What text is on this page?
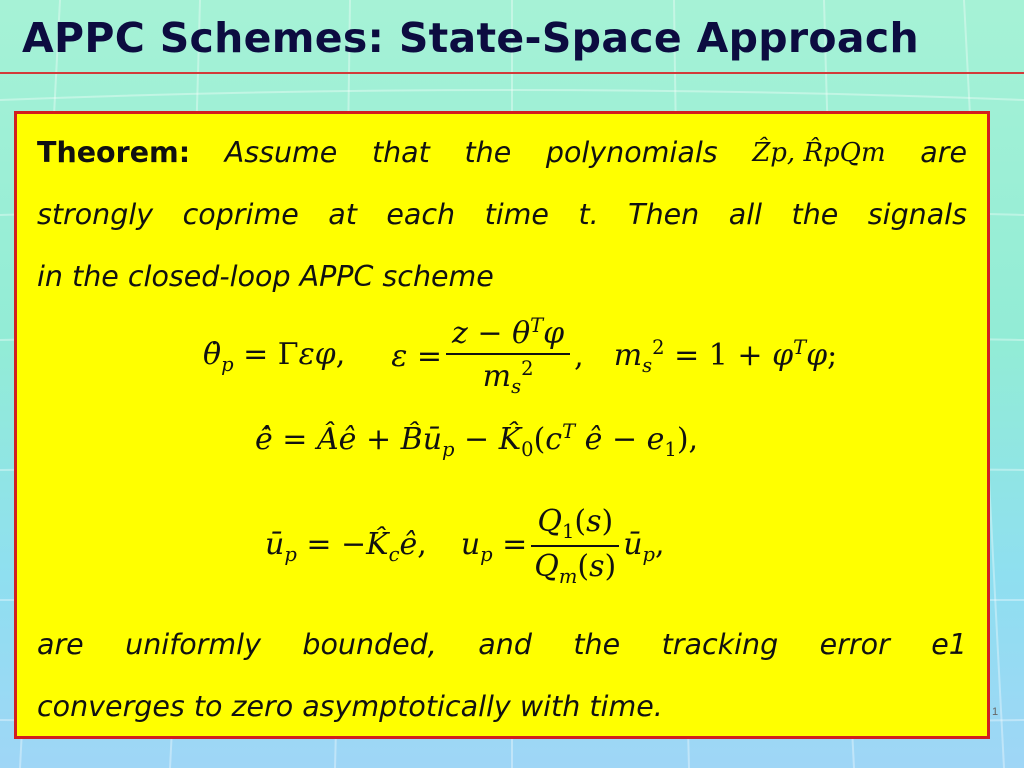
APPC Schemes: State-Space Approach
Theorem: Assume that the polynomials Ẑp, R̂pQm are
strongly coprime at each time t. Then all the signals
in the closed-loop APPC scheme
$\thetȧ_p = \Gamma\varepsilon\varphi$, $\varepsilon = \frac{z - \theta^T\varphi}{m_s^2}$ , $m_s^2 = 1 + \varphi^T\varphi$;
ê̇ = Âê + $B̂ū_p$ − $K̂_0(c^T$ ê − $e_1$),
$ū_p$ = $-K̂_cê$, $u_p = \frac{Q_1(s)}{Q_m(s)}$ $ū_p$,
are uniformly bounded, and the tracking error e1
converges to zero asymptotically with time.	1
